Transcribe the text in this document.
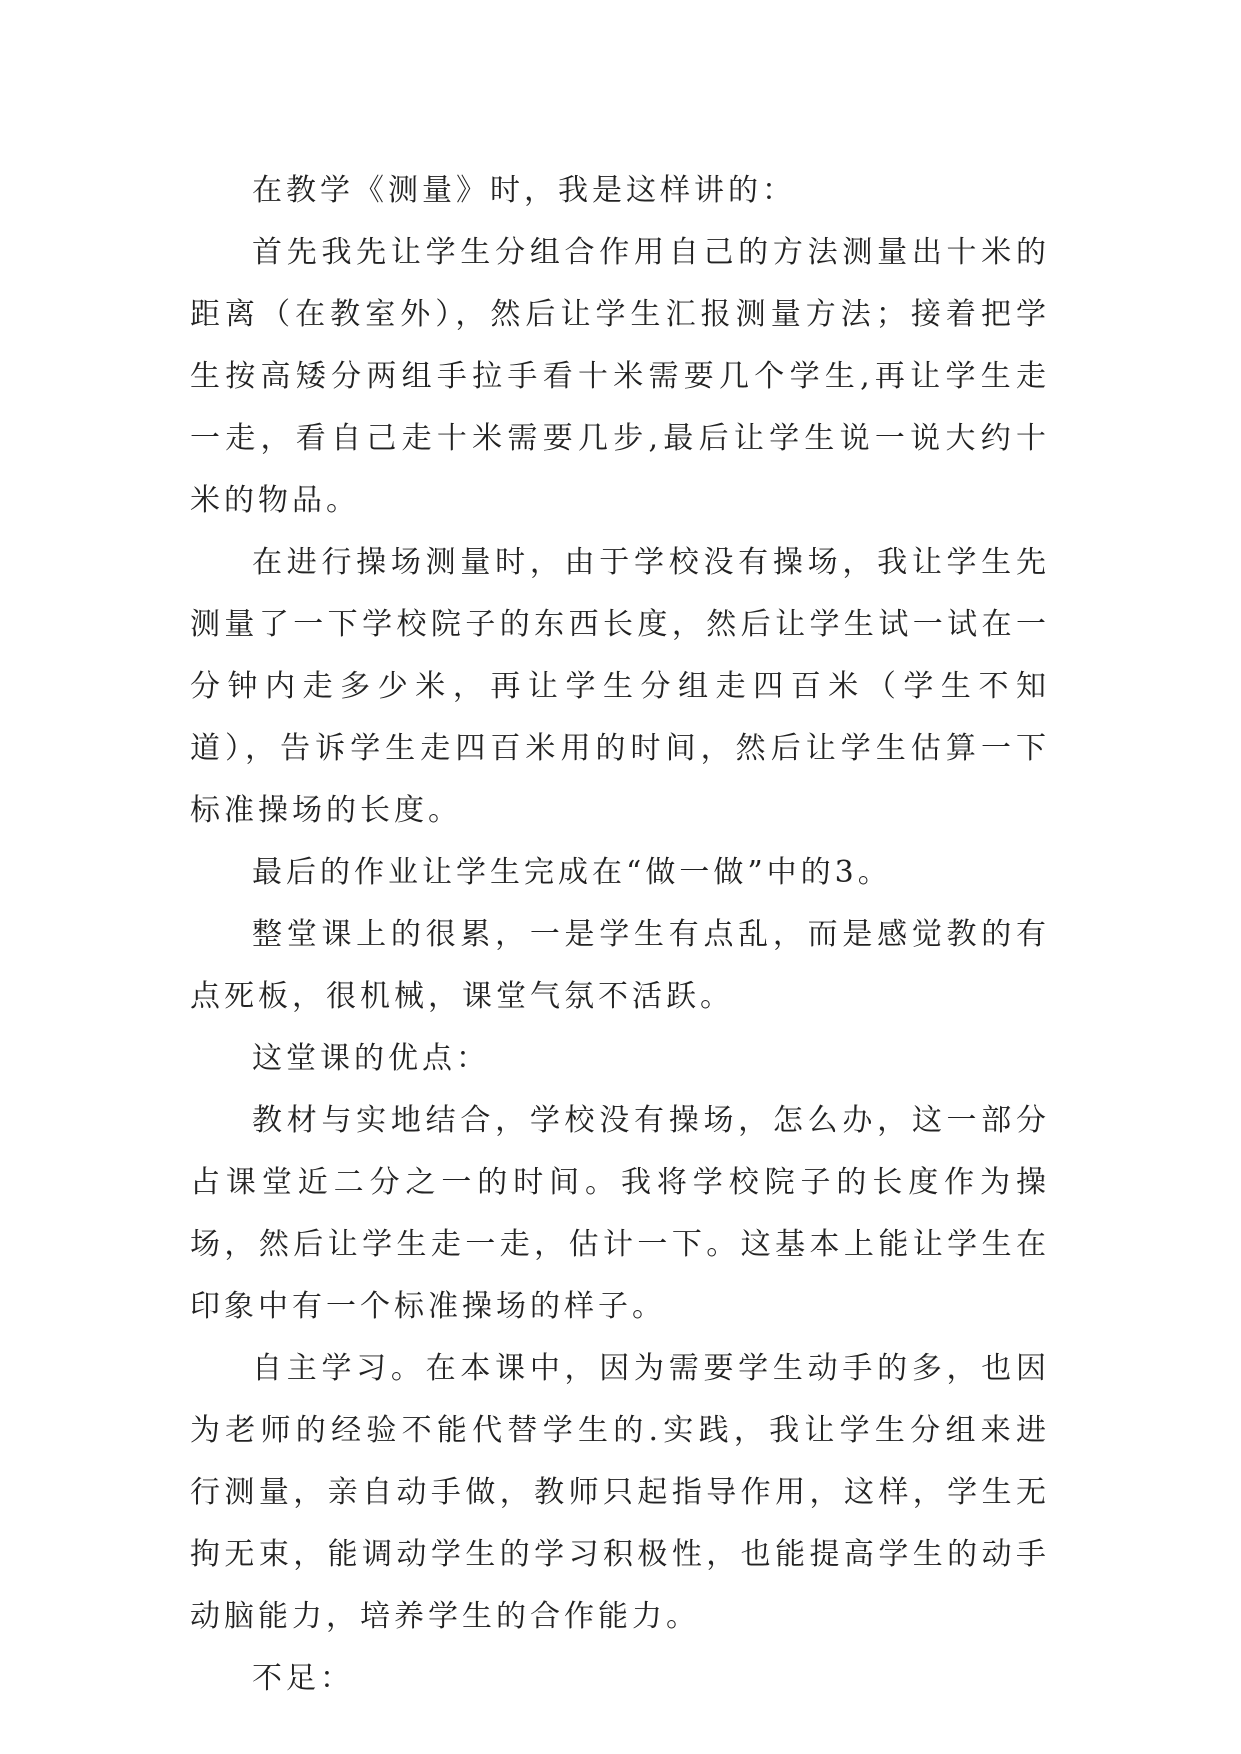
在教学《测量》时，我是这样讲的：

首先我先让学生分组合作用自己的方法测量出十米的距离（在教室外），然后让学生汇报测量方法；接着把学生按高矮分两组手拉手看十米需要几个学生,再让学生走一走，看自己走十米需要几步,最后让学生说一说大约十米的物品。

在进行操场测量时，由于学校没有操场，我让学生先测量了一下学校院子的东西长度，然后让学生试一试在一分钟内走多少米，再让学生分组走四百米（学生不知道），告诉学生走四百米用的时间，然后让学生估算一下标准操场的长度。

最后的作业让学生完成在“做一做”中的3。

整堂课上的很累，一是学生有点乱，而是感觉教的有点死板，很机械，课堂气氛不活跃。

这堂课的优点：

教材与实地结合，学校没有操场，怎么办，这一部分占课堂近二分之一的时间。我将学校院子的长度作为操场，然后让学生走一走，估计一下。这基本上能让学生在印象中有一个标准操场的样子。

自主学习。在本课中，因为需要学生动手的多，也因为老师的经验不能代替学生的.实践，我让学生分组来进行测量，亲自动手做，教师只起指导作用，这样，学生无拘无束，能调动学生的学习积极性，也能提高学生的动手动脑能力，培养学生的合作能力。

不足：
